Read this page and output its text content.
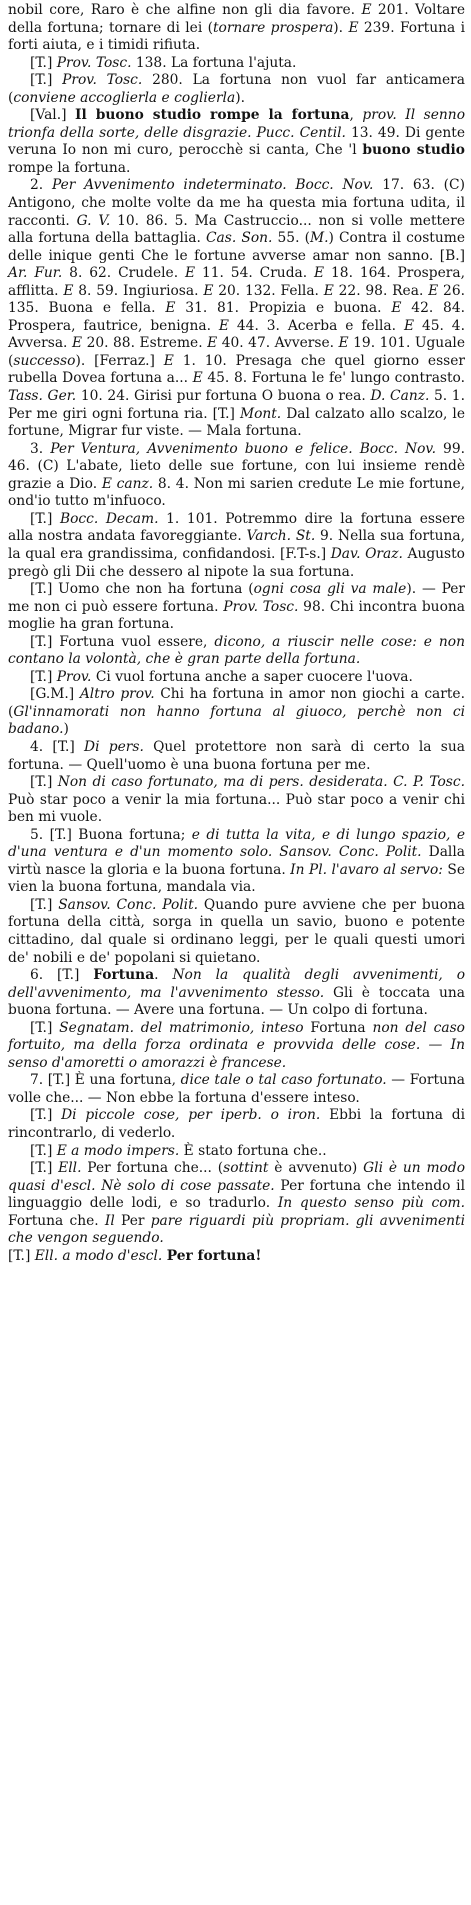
nobil core, Raro è che alfine non gli dia favore. E 201. Voltare della fortuna; tornare di lei (tornare prospera). E 239. Fortuna i forti aiuta, e i timidi rifiuta.

[T.] Prov. Tosc. 138. La fortuna l'ajuta.

[T.] Prov. Tosc. 280. La fortuna non vuol far anticamera (conviene accoglierla e coglierla).

[Val.] Il buono studio rompe la fortuna, prov. Il senno trionfa della sorte, delle disgrazie. Pucc. Centil. 13. 49. Di gente veruna Io non mi curo, perocchè si canta, Che 'l buono studio rompe la fortuna.

2. Per Avvenimento indeterminato. Bocc. Nov. 17. 63. (C) Antigono, che molte volte da me ha questa mia fortuna udita, il racconti. G. V. 10. 86. 5. Ma Castruccio... non si volle mettere alla fortuna della battaglia. Cas. Son. 55. (M.) Contra il costume delle inique genti Che le fortune avverse amar non sanno. [B.] Ar. Fur. 8. 62. Crudele. E 11. 54. Cruda. E 18. 164. Prospera, afflitta. E 8. 59. Ingiuriosa. E 20. 132. Fella. E 22. 98. Rea. E 26. 135. Buona e fella. E 31. 81. Propizia e buona. E 42. 84. Prospera, fautrice, benigna. E 44. 3. Acerba e fella. E 45. 4. Avversa. E 20. 88. Estreme. E 40. 47. Avverse. E 19. 101. Uguale (successo). [Ferraz.] E 1. 10. Presaga che quel giorno esser rubella Dovea fortuna a... E 45. 8. Fortuna le fe' lungo contrasto. Tass. Ger. 10. 24. Girisi pur fortuna O buona o rea. D. Canz. 5. 1. Per me giri ogni fortuna ria. [T.] Mont. Dal calzato allo scalzo, le fortune, Migrar fur viste. — Mala fortuna.

3. Per Ventura, Avvenimento buono e felice. Bocc. Nov. 99. 46. (C) L'abate, lieto delle sue fortune, con lui insieme rendè grazie a Dio. E canz. 8. 4. Non mi sarien credute Le mie fortune, ond'io tutto m'infuoco.

[T.] Bocc. Decam. 1. 101. Potremmo dire la fortuna essere alla nostra andata favoreggiante. Varch. St. 9. Nella sua fortuna, la qual era grandissima, confidandosi. [F.T-s.] Dav. Oraz. Augusto pregò gli Dii che dessero al nipote la sua fortuna.

[T.] Uomo che non ha fortuna (ogni cosa gli va male). — Per me non ci può essere fortuna. Prov. Tosc. 98. Chi incontra buona moglie ha gran fortuna.

[T.] Fortuna vuol essere, dicono, a riuscir nelle cose: e non contano la volontà, che è gran parte della fortuna.

[T.] Prov. Ci vuol fortuna anche a saper cuocere l'uova.

[G.M.] Altro prov. Chi ha fortuna in amor non giochi a carte. (Gl'innamorati non hanno fortuna al giuoco, perchè non ci badano.)

4. [T.] Di pers. Quel protettore non sarà di certo la sua fortuna. — Quell'uomo è una buona fortuna per me.

[T.] Non di caso fortunato, ma di pers. desiderata. C. P. Tosc. Può star poco a venir la mia fortuna... Può star poco a venir chi ben mi vuole.

5. [T.] Buona fortuna; e di tutta la vita, e di lungo spazio, e d'una ventura e d'un momento solo. Sansov. Conc. Polit. Dalla virtù nasce la gloria e la buona fortuna. In Pl. l'avaro al servo: Se vien la buona fortuna, mandala via.

[T.] Sansov. Conc. Polit. Quando pure avviene che per buona fortuna della città, sorga in quella un savio, buono e potente cittadino, dal quale si ordinano leggi, per le quali questi umori de' nobili e de' popolani si quietano.

6. [T.] Fortuna. Non la qualità degli avvenimenti, o dell'avvenimento, ma l'avvenimento stesso. Gli è toccata una buona fortuna. — Avere una fortuna. — Un colpo di fortuna.

[T.] Segnatam. del matrimonio, inteso Fortuna non del caso fortuito, ma della forza ordinata e provvida delle cose. — In senso d'amoretti o amorazzi è francese.

7. [T.] È una fortuna, dice tale o tal caso fortunato. — Fortuna volle che... — Non ebbe la fortuna d'essere inteso.

[T.] Di piccole cose, per iperb. o iron. Ebbi la fortuna di rincontrarlo, di vederlo.

[T.] E a modo impers. È stato fortuna che..

[T.] Ell. Per fortuna che... (sottint è avvenuto) Gli è un modo quasi d'escl. Nè solo di cose passate. Per fortuna che intendo il linguaggio delle lodi, e so tradurlo. In questo senso più com. Fortuna che. Il Per pare riguardi più propriam. gli avvenimenti che vengon seguendo.

[T.] Ell. a modo d'escl. Per fortuna!
